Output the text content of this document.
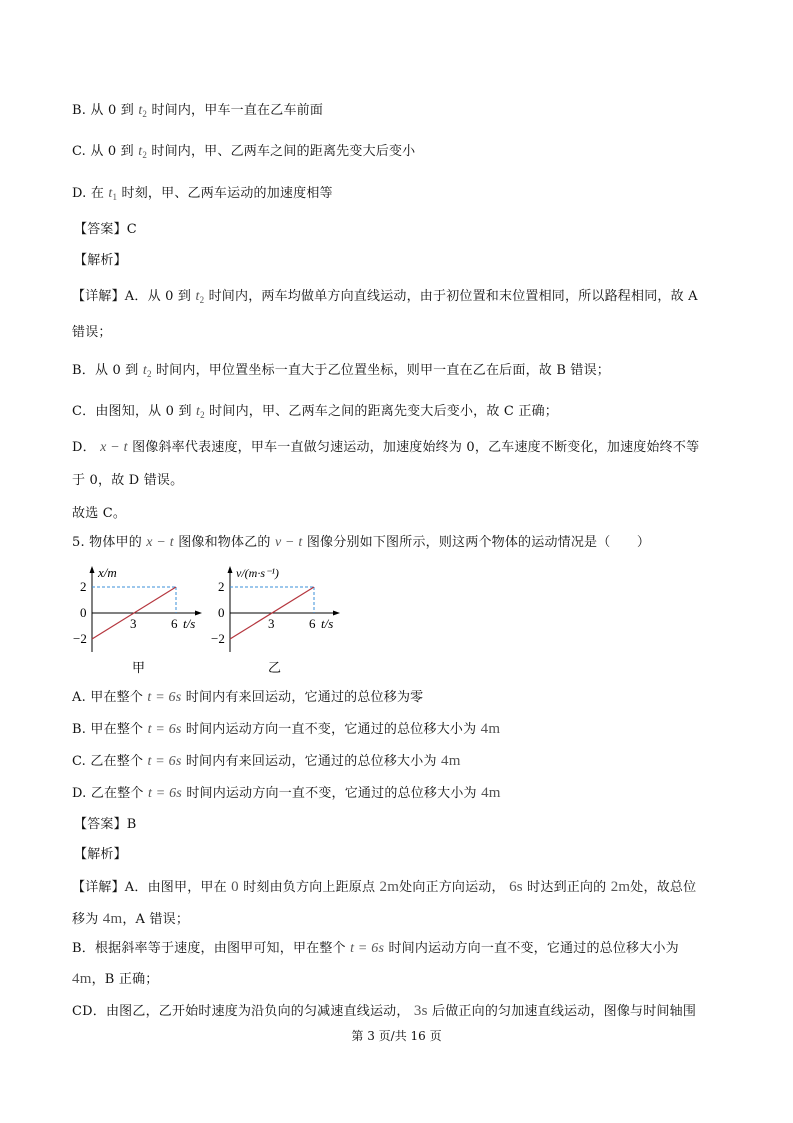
B. 从 0 到 $t_2$ 时间内，甲车一直在乙车前面
C. 从 0 到 $t_2$ 时间内，甲、乙两车之间的距离先变大后变小
D. 在 $t_1$ 时刻，甲、乙两车运动的加速度相等
【答案】C
【解析】
【详解】A．从 0 到 $t_2$ 时间内，两车均做单方向直线运动，由于初位置和末位置相同，所以路程相同，故 A
错误；
B．从 0 到 $t_2$ 时间内，甲位置坐标一直大于乙位置坐标，则甲一直在乙在后面，故 B 错误；
C．由图知，从 0 到 $t_2$ 时间内，甲、乙两车之间的距离先变大后变小，故 C 正确；
D． x − t 图像斜率代表速度，甲车一直做匀速运动，加速度始终为 0，乙车速度不断变化，加速度始终不等
于 0，故 D 错误。
故选 C。
5. 物体甲的 x − t 图像和物体乙的 v − t 图像分别如下图所示，则这两个物体的运动情况是（　　）
x/m
2
0
−2
3	6 t/s
甲
v/(m·s⁻¹)
2
0
−2
3	6 t/s
乙
A. 甲在整个 t = 6s 时间内有来回运动，它通过的总位移为零
B. 甲在整个 t = 6s 时间内运动方向一直不变，它通过的总位移大小为 4m
C. 乙在整个 t = 6s 时间内有来回运动，它通过的总位移大小为 4m
D. 乙在整个 t = 6s 时间内运动方向一直不变，它通过的总位移大小为 4m
【答案】B
【解析】
【详解】A．由图甲，甲在 0 时刻由负方向上距原点 2m处向正方向运动， 6s 时达到正向的 2m处，故总位
移为 4m，A 错误；
B．根据斜率等于速度，由图甲可知，甲在整个 t = 6s 时间内运动方向一直不变，它通过的总位移大小为
4m，B 正确；
CD．由图乙，乙开始时速度为沿负向的匀减速直线运动， 3s 后做正向的匀加速直线运动，图像与时间轴围
第 3 页/共 16 页
